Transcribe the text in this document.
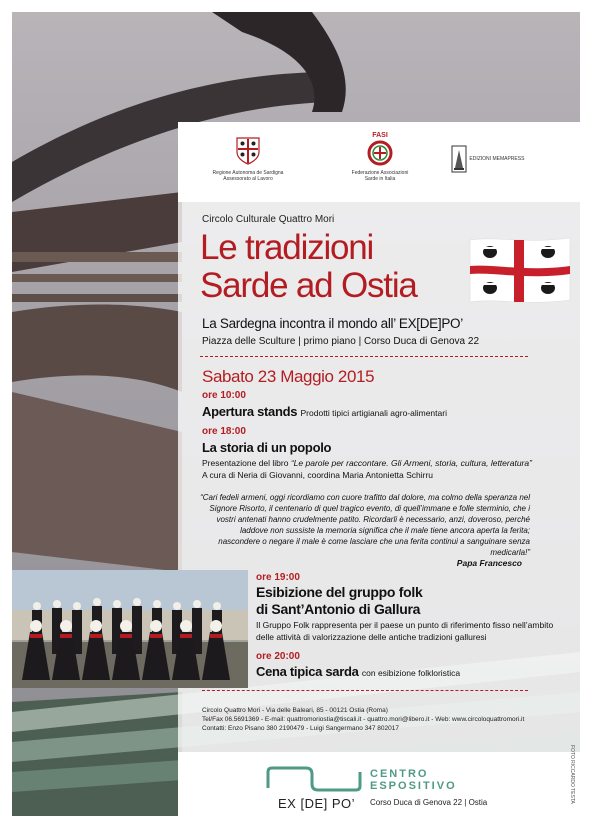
Regione Autonoma de Sardigna
Assessorato al Lavoro
FASI
Federazione Associazioni
Sarde in Italia
EDIZIONI MEMAPRESS
Circolo Culturale Quattro Mori
Le tradizioni
Sarde ad Ostia
La Sardegna incontra il mondo all’ EX[DE]PO’
Piazza delle Sculture | primo piano | Corso Duca di Genova 22
Sabato 23 Maggio 2015
ore 10:00
Apertura stands Prodotti tipici artigianali agro-alimentari
ore 18:00
La storia di un popolo
Presentazione del libro “Le parole per raccontare. Gli Armeni, storia, cultura, letteratura”
A cura di Neria di Giovanni, coordina Maria Antonietta Schirru
“Cari fedeli armeni, oggi ricordiamo con cuore trafitto dal dolore, ma colmo della speranza nel Signore Risorto, il centenario di quel tragico evento, di quell’immane e folle sterminio, che i vostri antenati hanno crudelmente patito. Ricordarli è necessario, anzi, doveroso, perché laddove non sussiste la memoria significa che il male tiene ancora aperta la ferita; nascondere o negare il male è come lasciare che una ferita continui a sanguinare senza medicarla!”
Papa Francesco
ore 19:00
Esibizione del gruppo folk
di Sant’Antonio di Gallura
Il Gruppo Folk rappresenta per il paese un punto di riferimento fisso nell’ambito
delle attività di valorizzazione delle antiche tradizioni galluresi
ore 20:00
Cena tipica sarda con esibizione folkloristica
Circolo Quattro Mori - Via delle Baleari, 85 - 00121 Ostia (Roma)
Tel/Fax 06.5691369 - E-mail: quattromoriostia@tiscali.it - quattro.mori@libero.it - Web: www.circoloquattromori.it
Contatti: Enzo Pisano 380 2190479 - Luigi Sangermano 347 802017
EX [DE] PO’
CENTRO
ESPOSITIVO
Corso Duca di Genova 22 | Ostia	FOTO RICCARDO TESTA
